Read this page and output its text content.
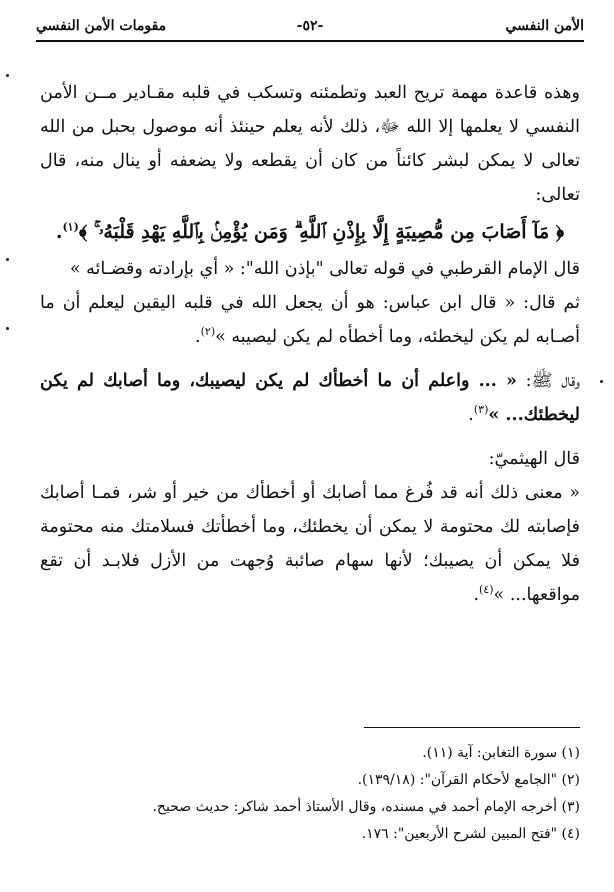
الأمن النفسي
-٥٢-
مقومات الأمن النفسي

وهذه قاعدة مهمة تريح العبد وتطمئنه وتسكب في قلبه مقـادير مــن الأمن النفسي لا يعلمها إلا الله ﷻ، ذلك لأنه يعلم حينئذ أنه موصول بحبل من الله تعالى لا يمكن لبشر كائناً من كان أن يقطعه ولا يضعفه أو ينال منه، قال تعالى:

﴿ مَآ أَصَابَ مِن مُّصِيبَةٍ إِلَّا بِإِذْنِ ٱللَّهِ ۗ وَمَن يُؤْمِنۢ بِٱللَّهِ يَهْدِ قَلْبَهُۥ ۚ ﴾$^{(١)}$.

قال الإمام القرطبي في قوله تعالى "بإذن الله": « أي بإرادته وقضـائه »

ثم قال: « قال ابن عباس: هو أن يجعل الله في قلبه اليقين ليعلم أن ما أصـابه لم يكن ليخطئه، وما أخطأه لم يكن ليصيبه »$^{(٢)}$.

وقال ﷺ: « ... واعلم أن ما أخطأك لم يكن ليصيبك، وما أصابك لم يكن ليخطئك... »$^{(٣)}$.

قال الهيثميّ:

« معنى ذلك أنه قد فُرغ مما أصابك أو أخطأك من خير أو شر، فمـا أصابك فإصابته لك محتومة لا يمكن أن يخطئك، وما أخطأتك فسلامتك منه محتومة فلا يمكن أن يصيبك؛ لأنها سهام صائبة وُجهت من الأزل فلابـد أن تقع مواقعها... »$^{(٤)}$.

(١) سورة التغابن: آية (١١).
(٢) "الجامع لأحكام القرآن": (١٣٩/١٨).
(٣) أخرجه الإمام أحمد في مسنده، وقال الأستاذ أحمد شاكر: حديث صحيح.
(٤) "فتح المبين لشرح الأربعين": ١٧٦.
